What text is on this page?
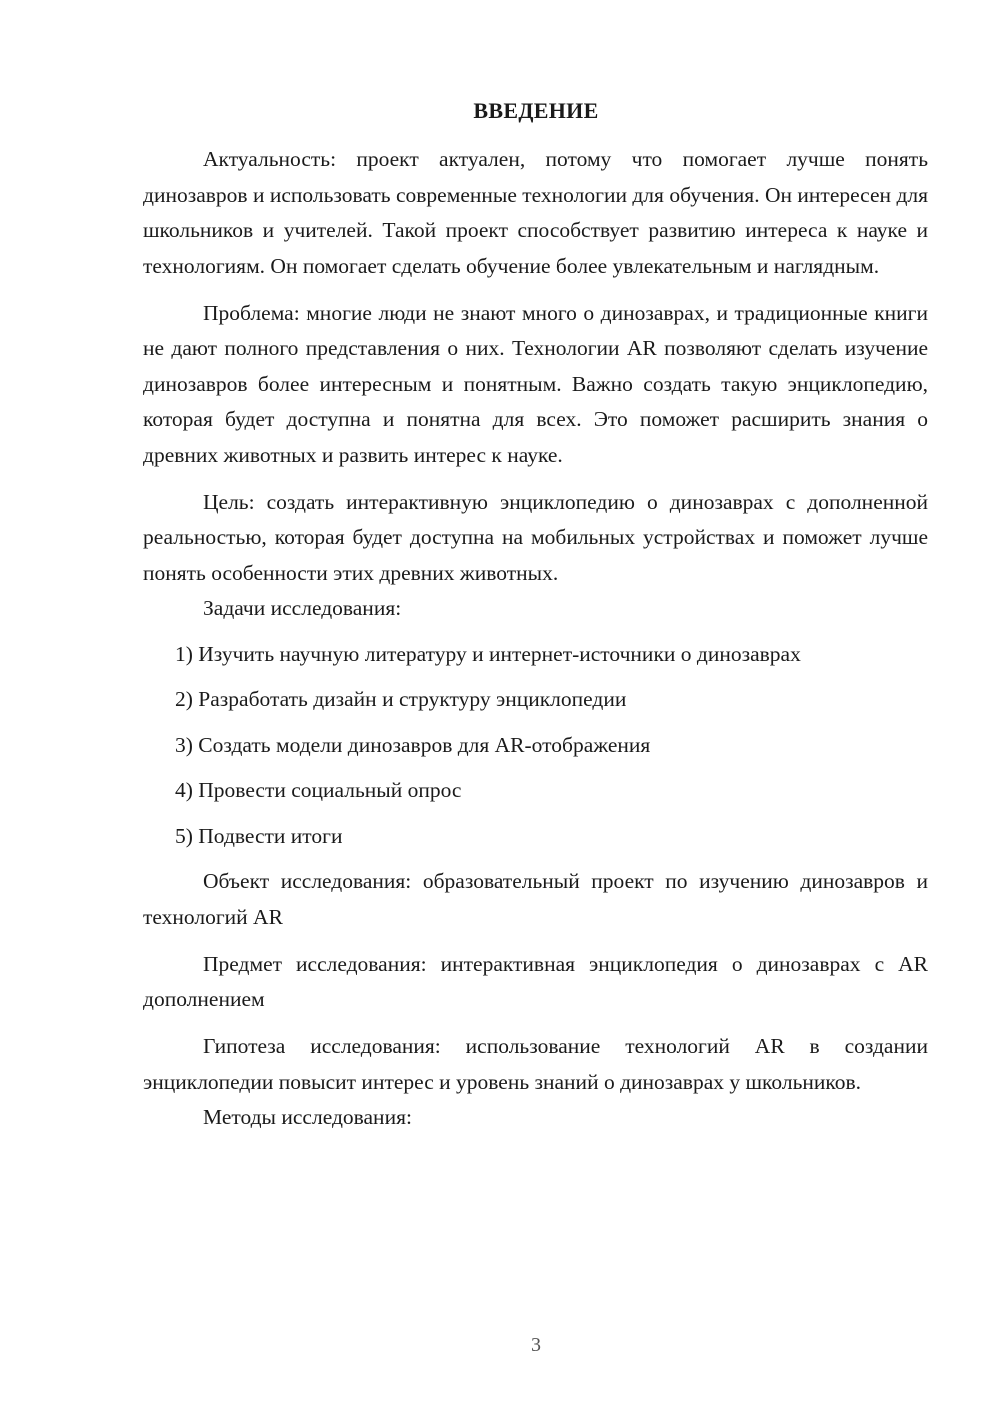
ВВЕДЕНИЕ

Актуальность: проект актуален, потому что помогает лучше понять динозавров и использовать современные технологии для обучения. Он интересен для школьников и учителей. Такой проект способствует развитию интереса к науке и технологиям. Он помогает сделать обучение более увлекательным и наглядным.

Проблема: многие люди не знают много о динозаврах, и традиционные книги не дают полного представления о них. Технологии AR позволяют сделать изучение динозавров более интересным и понятным. Важно создать такую энциклопедию, которая будет доступна и понятна для всех. Это поможет расширить знания о древних животных и развить интерес к науке.

Цель: создать интерактивную энциклопедию о динозаврах с дополненной реальностью, которая будет доступна на мобильных устройствах и поможет лучше понять особенности этих древних животных.

Задачи исследования:

1) Изучить научную литературу и интернет-источники о динозаврах

2) Разработать дизайн и структуру энциклопедии

3) Создать модели динозавров для AR-отображения

4) Провести социальный опрос

5) Подвести итоги

Объект исследования: образовательный проект по изучению динозавров и технологий AR

Предмет исследования: интерактивная энциклопедия о динозаврах с AR дополнением

Гипотеза исследования: использование технологий AR в создании энциклопедии повысит интерес и уровень знаний о динозаврах у школьников.

Методы исследования:

3
